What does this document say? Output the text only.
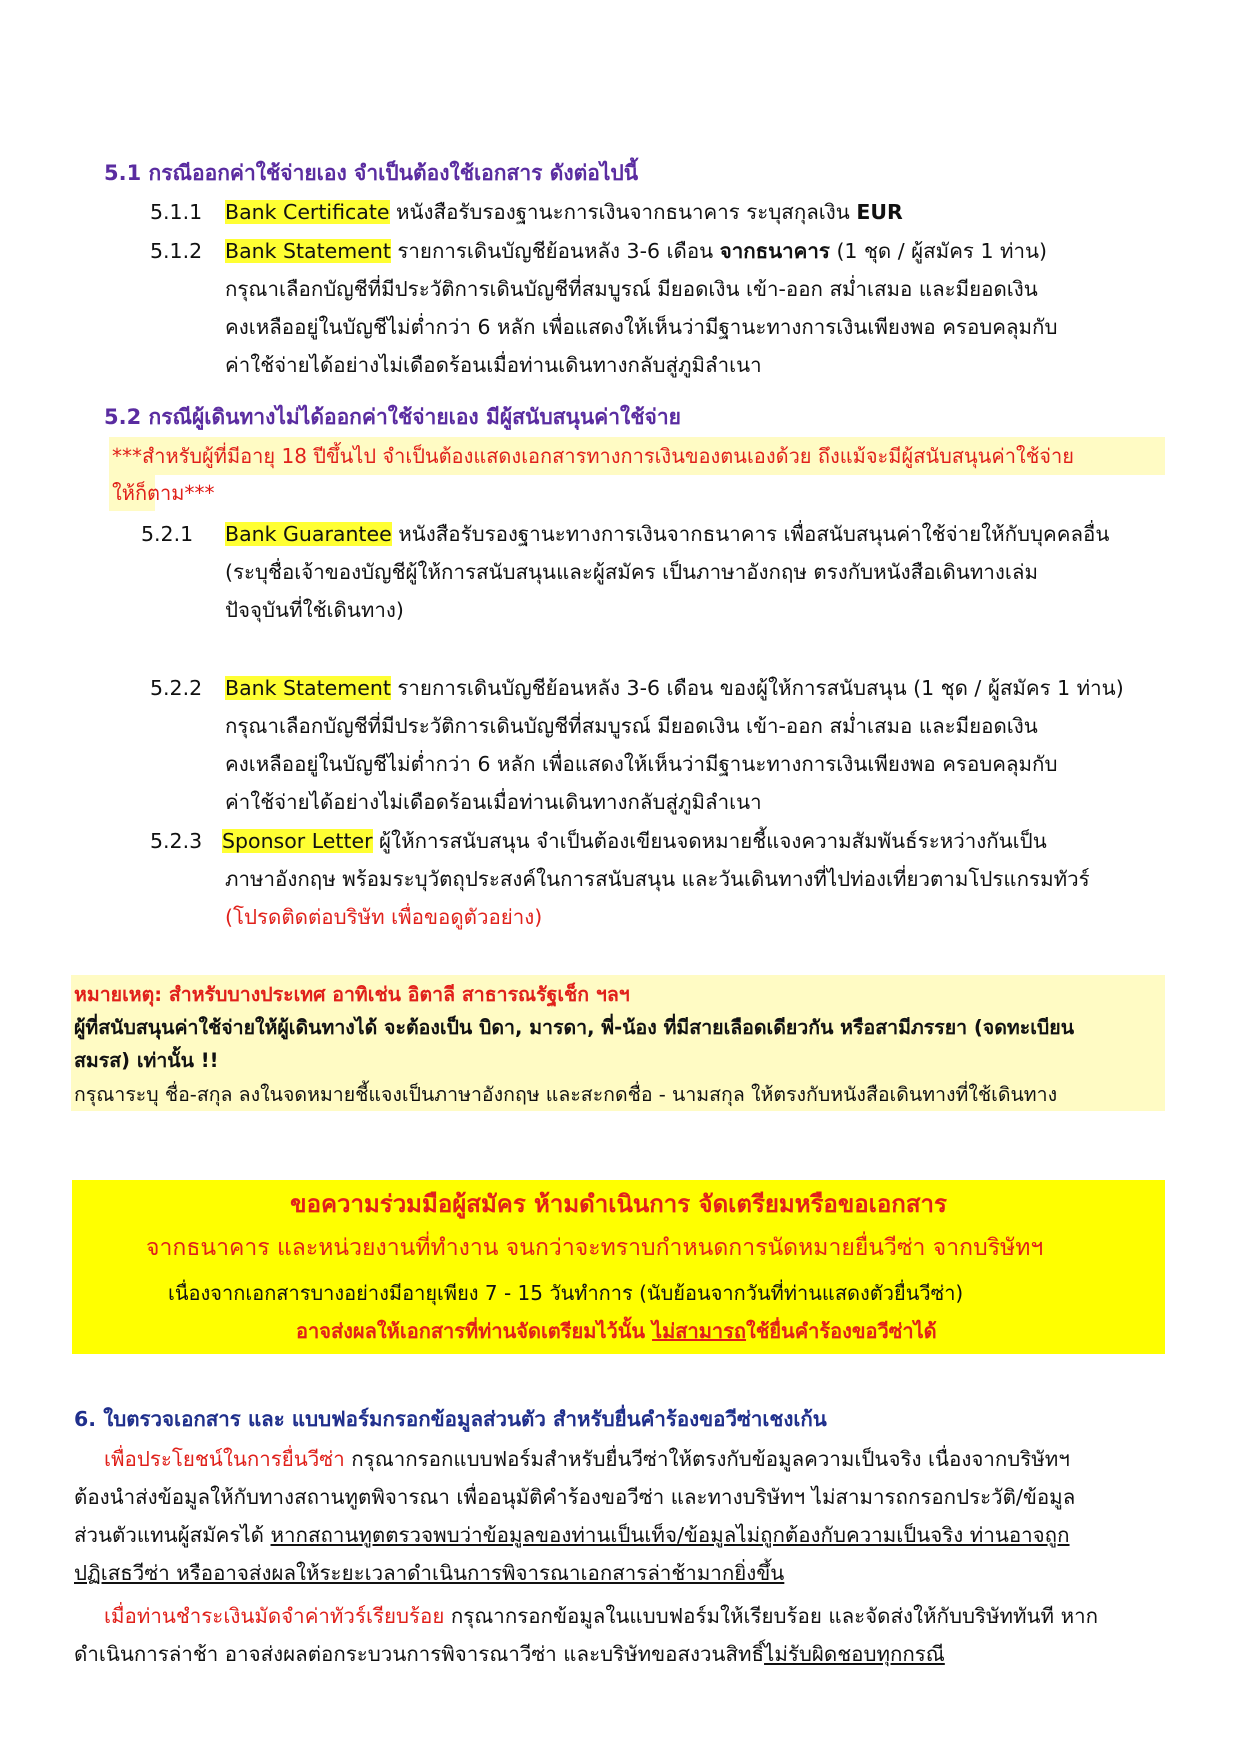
5.1 กรณีออกค่าใช้จ่ายเอง จำเป็นต้องใช้เอกสาร ดังต่อไปนี้
5.1.1 Bank Certificate หนังสือรับรองฐานะการเงินจากธนาคาร ระบุสกุลเงิน EUR
5.1.2 Bank Statement รายการเดินบัญชีย้อนหลัง 3-6 เดือน จากธนาคาร (1 ชุด / ผู้สมัคร 1 ท่าน)
กรุณาเลือกบัญชีที่มีประวัติการเดินบัญชีที่สมบูรณ์ มียอดเงิน เข้า-ออก สม่ำเสมอ และมียอดเงิน
คงเหลืออยู่ในบัญชีไม่ต่ำกว่า 6 หลัก เพื่อแสดงให้เห็นว่ามีฐานะทางการเงินเพียงพอ ครอบคลุมกับ
ค่าใช้จ่ายได้อย่างไม่เดือดร้อนเมื่อท่านเดินทางกลับสู่ภูมิลำเนา
5.2 กรณีผู้เดินทางไม่ได้ออกค่าใช้จ่ายเอง มีผู้สนับสนุนค่าใช้จ่าย
***สำหรับผู้ที่มีอายุ 18 ปีขึ้นไป จำเป็นต้องแสดงเอกสารทางการเงินของตนเองด้วย ถึงแม้จะมีผู้สนับสนุนค่าใช้จ่าย
ให้ก็ตาม***
5.2.1 Bank Guarantee หนังสือรับรองฐานะทางการเงินจากธนาคาร เพื่อสนับสนุนค่าใช้จ่ายให้กับบุคคลอื่น
(ระบุชื่อเจ้าของบัญชีผู้ให้การสนับสนุนและผู้สมัคร เป็นภาษาอังกฤษ ตรงกับหนังสือเดินทางเล่ม
ปัจจุบันที่ใช้เดินทาง)
5.2.2 Bank Statement รายการเดินบัญชีย้อนหลัง 3-6 เดือน ของผู้ให้การสนับสนุน (1 ชุด / ผู้สมัคร 1 ท่าน)
กรุณาเลือกบัญชีที่มีประวัติการเดินบัญชีที่สมบูรณ์ มียอดเงิน เข้า-ออก สม่ำเสมอ และมียอดเงิน
คงเหลืออยู่ในบัญชีไม่ต่ำกว่า 6 หลัก เพื่อแสดงให้เห็นว่ามีฐานะทางการเงินเพียงพอ ครอบคลุมกับ
ค่าใช้จ่ายได้อย่างไม่เดือดร้อนเมื่อท่านเดินทางกลับสู่ภูมิลำเนา
5.2.3 Sponsor Letter ผู้ให้การสนับสนุน จำเป็นต้องเขียนจดหมายชี้แจงความสัมพันธ์ระหว่างกันเป็น
ภาษาอังกฤษ พร้อมระบุวัตถุประสงค์ในการสนับสนุน และวันเดินทางที่ไปท่องเที่ยวตามโปรแกรมทัวร์
(โปรดติดต่อบริษัท เพื่อขอดูตัวอย่าง)
หมายเหตุ: สำหรับบางประเทศ อาทิเช่น อิตาลี สาธารณรัฐเช็ก ฯลฯ
ผู้ที่สนับสนุนค่าใช้จ่ายให้ผู้เดินทางได้ จะต้องเป็น บิดา, มารดา, พี่-น้อง ที่มีสายเลือดเดียวกัน หรือสามีภรรยา (จดทะเบียน
สมรส) เท่านั้น !!
กรุณาระบุ ชื่อ-สกุล ลงในจดหมายชี้แจงเป็นภาษาอังกฤษ และสะกดชื่อ - นามสกุล ให้ตรงกับหนังสือเดินทางที่ใช้เดินทาง
ขอความร่วมมือผู้สมัคร ห้ามดำเนินการ จัดเตรียมหรือขอเอกสาร
จากธนาคาร และหน่วยงานที่ทำงาน จนกว่าจะทราบกำหนดการนัดหมายยื่นวีซ่า จากบริษัทฯ
เนื่องจากเอกสารบางอย่างมีอายุเพียง 7 - 15 วันทำการ (นับย้อนจากวันที่ท่านแสดงตัวยื่นวีซ่า)
อาจส่งผลให้เอกสารที่ท่านจัดเตรียมไว้นั้น ไม่สามารถใช้ยื่นคำร้องขอวีซ่าได้
6. ใบตรวจเอกสาร และ แบบฟอร์มกรอกข้อมูลส่วนตัว สำหรับยื่นคำร้องขอวีซ่าเชงเก้น
เพื่อประโยชน์ในการยื่นวีซ่า กรุณากรอกแบบฟอร์มสำหรับยื่นวีซ่าให้ตรงกับข้อมูลความเป็นจริง เนื่องจากบริษัทฯ
ต้องนำส่งข้อมูลให้กับทางสถานทูตพิจารณา เพื่ออนุมัติคำร้องขอวีซ่า และทางบริษัทฯ ไม่สามารถกรอกประวัติ/ข้อมูล
ส่วนตัวแทนผู้สมัครได้ หากสถานทูตตรวจพบว่าข้อมูลของท่านเป็นเท็จ/ข้อมูลไม่ถูกต้องกับความเป็นจริง ท่านอาจถูก
ปฏิเสธวีซ่า หรืออาจส่งผลให้ระยะเวลาดำเนินการพิจารณาเอกสารล่าช้ามากยิ่งขึ้น
เมื่อท่านชำระเงินมัดจำค่าทัวร์เรียบร้อย กรุณากรอกข้อมูลในแบบฟอร์มให้เรียบร้อย และจัดส่งให้กับบริษัททันที หาก
ดำเนินการล่าช้า อาจส่งผลต่อกระบวนการพิจารณาวีซ่า และบริษัทขอสงวนสิทธิ์ไม่รับผิดชอบทุกกรณี
